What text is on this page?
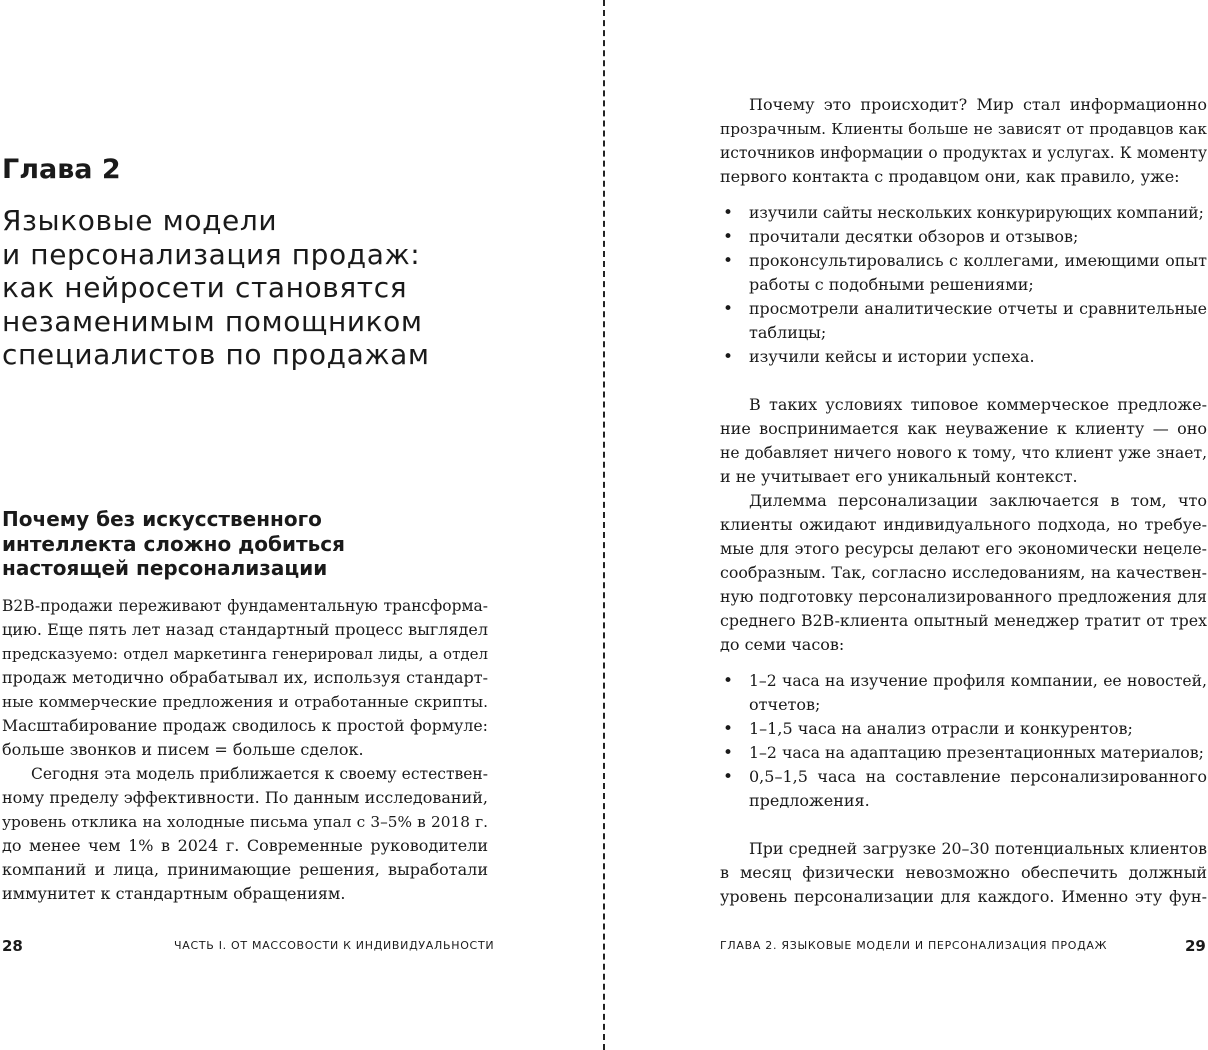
Глава 2
Языковые модели
и персонализация продаж:
как нейросети становятся
незаменимым помощником
специалистов по продажам
Почему без искусственного
интеллекта сложно добиться
настоящей персонализации

B2B-продажи переживают фундаментальную трансформа-
цию. Еще пять лет назад стандартный процесс выглядел
предсказуемо: отдел маркетинга генерировал лиды, а отдел
продаж методично обрабатывал их, используя стандарт-
ные коммерческие предложения и отработанные скрипты.
Масштабирование продаж сводилось к простой формуле:
больше звонков и писем = больше сделок.

Сегодня эта модель приближается к своему естествен-
ному пределу эффективности. По данным исследований,
уровень отклика на холодные письма упал с 3–5% в 2018 г.
до менее чем 1% в 2024 г. Современные руководители
компаний и лица, принимающие решения, выработали
иммунитет к стандартным обращениям.

28	ЧАСТЬ I. ОТ МАССОВОСТИ К ИНДИВИДУАЛЬНОСТИ

Почему это происходит? Мир стал информационно
прозрачным. Клиенты больше не зависят от продавцов как
источников информации о продуктах и услугах. К моменту
первого контакта с продавцом они, как правило, уже:

• изучили сайты нескольких конкурирующих компаний;
• прочитали десятки обзоров и отзывов;
• проконсультировались с коллегами, имеющими опыт
работы с подобными решениями;
• просмотрели аналитические отчеты и сравнительные
таблицы;
• изучили кейсы и истории успеха.

В таких условиях типовое коммерческое предложе-
ние воспринимается как неуважение к клиенту — оно
не добавляет ничего нового к тому, что клиент уже знает,
и не учитывает его уникальный контекст.

Дилемма персонализации заключается в том, что
клиенты ожидают индивидуального подхода, но требуе-
мые для этого ресурсы делают его экономически нецеле-
сообразным. Так, согласно исследованиям, на качествен-
ную подготовку персонализированного предложения для
среднего B2B-клиента опытный менеджер тратит от трех
до семи часов:

• 1–2 часа на изучение профиля компании, ее новостей,
отчетов;
• 1–1,5 часа на анализ отрасли и конкурентов;
• 1–2 часа на адаптацию презентационных материалов;
• 0,5–1,5 часа на составление персонализированного
предложения.

При средней загрузке 20–30 потенциальных клиентов
в месяц физически невозможно обеспечить должный
уровень персонализации для каждого. Именно эту фун-

ГЛАВА 2. ЯЗЫКОВЫЕ МОДЕЛИ И ПЕРСОНАЛИЗАЦИЯ ПРОДАЖ	29
